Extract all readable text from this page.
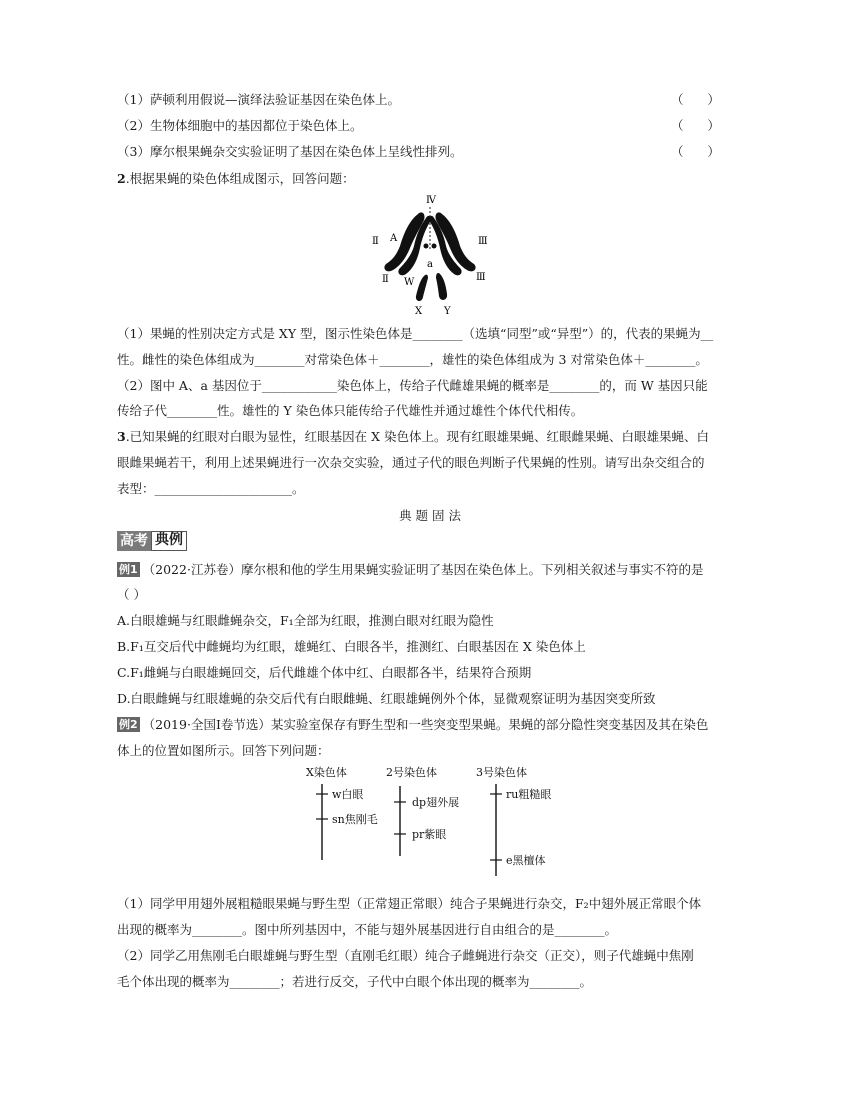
（1）萨顿利用假说—演绎法验证基因在染色体上。	（      ）
（2）生物体细胞中的基因都位于染色体上。	（      ）
（3）摩尔根果蝇杂交实验证明了基因在染色体上呈线性排列。	（      ）
2.根据果蝇的染色体组成图示，回答问题：
Ⅳ
Ⅱ
Ⅱ
Ⅲ
Ⅲ
A
a
W
X Y
（1）果蝇的性别决定方式是 XY 型，图示性染色体是________（选填“同型”或“异型”）的，代表的果蝇为__
性。雌性的染色体组成为________对常染色体＋________，雄性的染色体组成为 3 对常染色体＋________。
（2）图中 A、a 基因位于____________染色体上，传给子代雌雄果蝇的概率是________的，而 W 基因只能
传给子代________性。雄性的 Y 染色体只能传给子代雄性并通过雄性个体代代相传。
3.已知果蝇的红眼对白眼为显性，红眼基因在 X 染色体上。现有红眼雄果蝇、红眼雌果蝇、白眼雄果蝇、白
眼雌果蝇若干，利用上述果蝇进行一次杂交实验，通过子代的眼色判断子代果蝇的性别。请写出杂交组合的
表型：______________________。
典 题 固 法
高考 典例
例1 （2022·江苏卷）摩尔根和他的学生用果蝇实验证明了基因在染色体上。下列相关叙述与事实不符的是
（ ）
A.白眼雄蝇与红眼雌蝇杂交，F₁全部为红眼，推测白眼对红眼为隐性
B.F₁互交后代中雌蝇均为红眼，雄蝇红、白眼各半，推测红、白眼基因在 X 染色体上
C.F₁雌蝇与白眼雄蝇回交，后代雌雄个体中红、白眼都各半，结果符合预期
D.白眼雌蝇与红眼雄蝇的杂交后代有白眼雌蝇、红眼雄蝇例外个体，显微观察证明为基因突变所致
例2 （2019·全国Ⅰ卷节选）某实验室保存有野生型和一些突变型果蝇。果蝇的部分隐性突变基因及其在染色
体上的位置如图所示。回答下列问题：
X染色体
w白眼
sn焦刚毛
2号染色体
dp翅外展
pr紫眼
3号染色体
ru粗糙眼
e黑檀体
（1）同学甲用翅外展粗糙眼果蝇与野生型（正常翅正常眼）纯合子果蝇进行杂交，F₂中翅外展正常眼个体
出现的概率为________。图中所列基因中，不能与翅外展基因进行自由组合的是________。
（2）同学乙用焦刚毛白眼雄蝇与野生型（直刚毛红眼）纯合子雌蝇进行杂交（正交），则子代雄蝇中焦刚
毛个体出现的概率为________；若进行反交，子代中白眼个体出现的概率为________。
